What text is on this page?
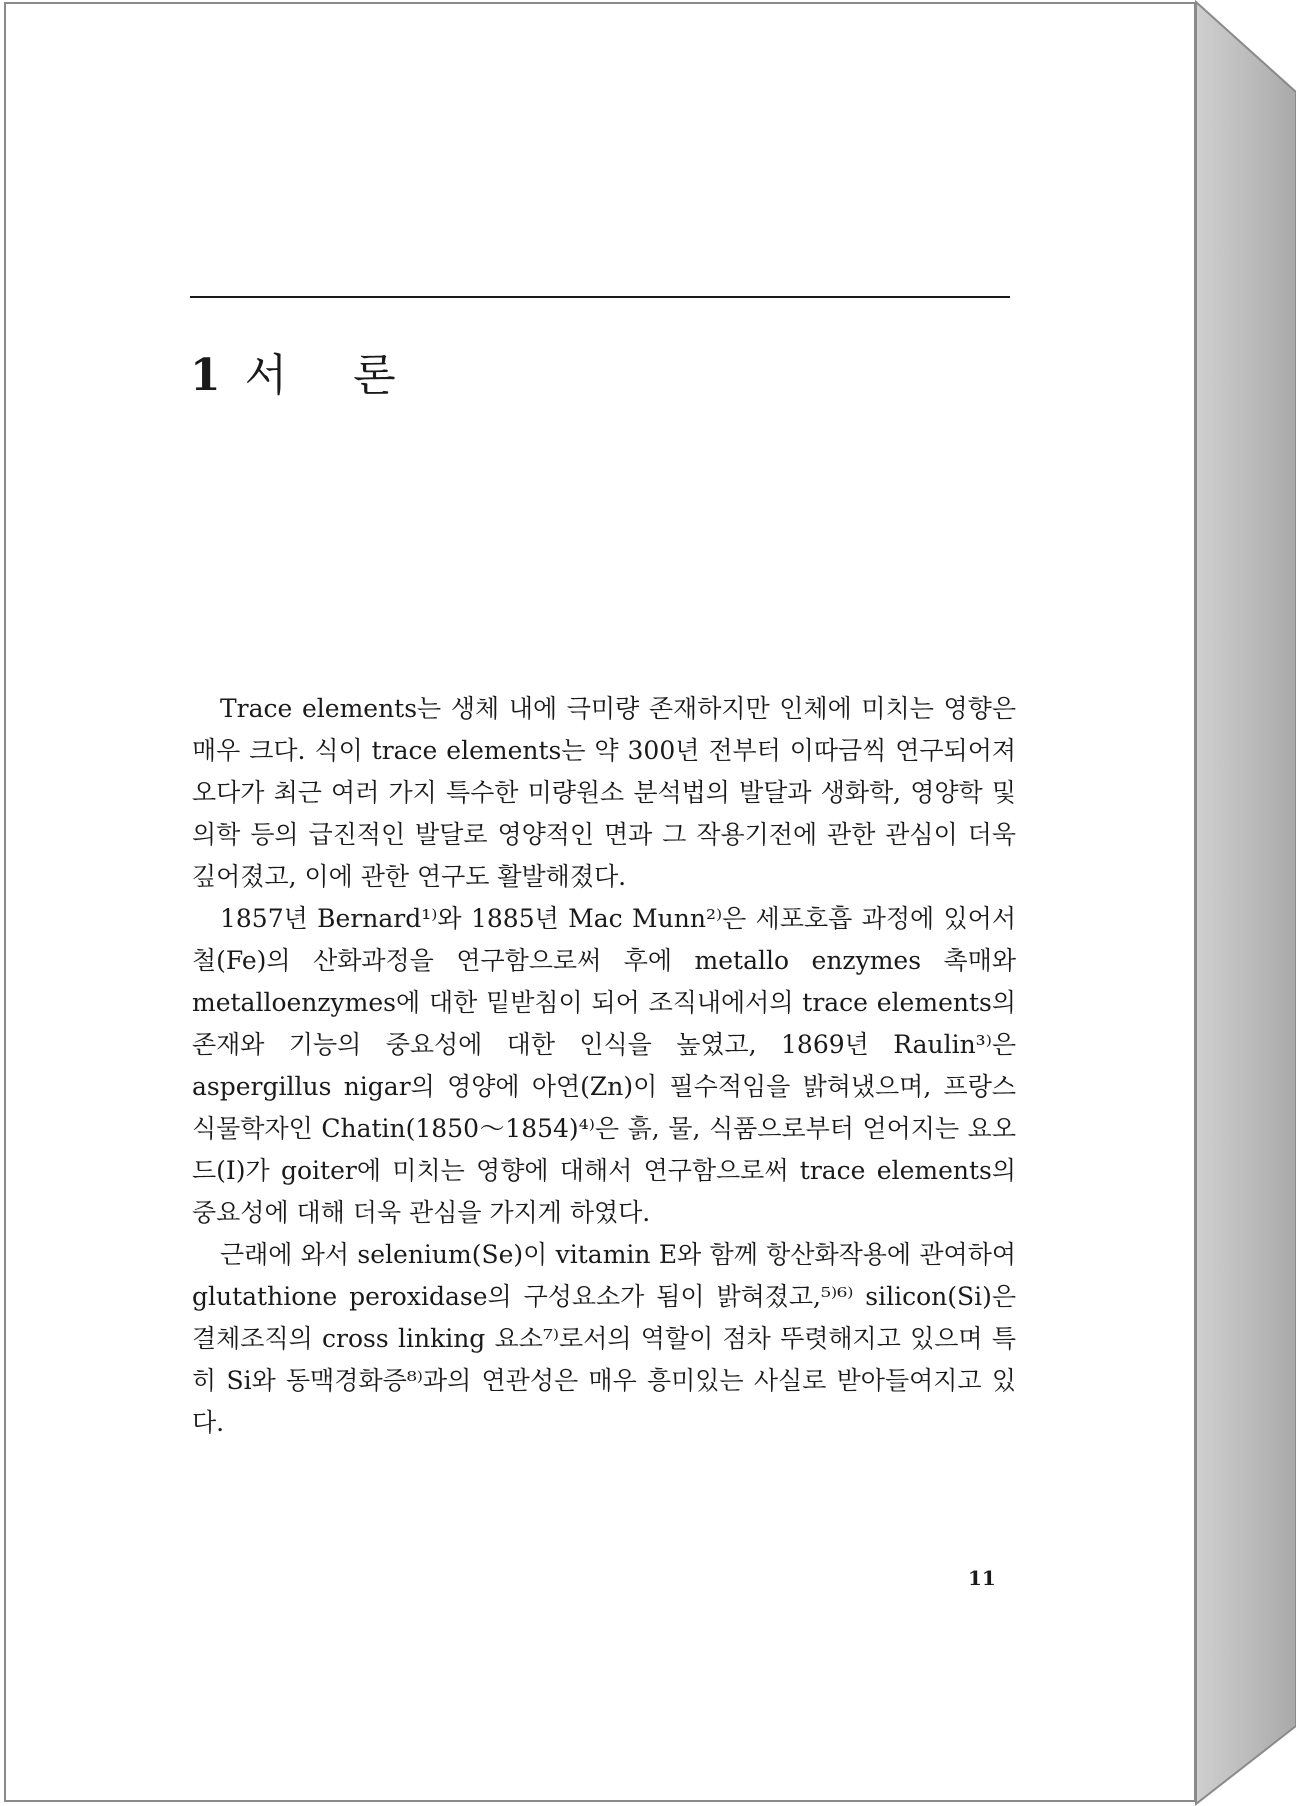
1 서 론

Trace elements는 생체 내에 극미량 존재하지만 인체에 미치는 영향은 매우 크다. 식이 trace elements는 약 300년 전부터 이따금씩 연구되어져 오다가 최근 여러 가지 특수한 미량원소 분석법의 발달과 생화학, 영양학 및 의학 등의 급진적인 발달로 영양적인 면과 그 작용기전에 관한 관심이 더욱 깊어졌고, 이에 관한 연구도 활발해졌다.

1857년 Bernard¹⁾와 1885년 Mac Munn²⁾은 세포호흡 과정에 있어서 철(Fe)의 산화과정을 연구함으로써 후에 metallo enzymes 촉매와 metalloenzymes에 대한 밑받침이 되어 조직내에서의 trace elements의 존재와 기능의 중요성에 대한 인식을 높였고, 1869년 Raulin³⁾은 aspergillus nigar의 영양에 아연(Zn)이 필수적임을 밝혀냈으며, 프랑스 식물학자인 Chatin(1850～1854)⁴⁾은 흙, 물, 식품으로부터 얻어지는 요오드(I)가 goiter에 미치는 영향에 대해서 연구함으로써 trace elements의 중요성에 대해 더욱 관심을 가지게 하였다.

근래에 와서 selenium(Se)이 vitamin E와 함께 항산화작용에 관여하여 glutathione peroxidase의 구성요소가 됨이 밝혀졌고,⁵⁾⁶⁾ silicon(Si)은 결체조직의 cross linking 요소⁷⁾로서의 역할이 점차 뚜렷해지고 있으며 특히 Si와 동맥경화증⁸⁾과의 연관성은 매우 흥미있는 사실로 받아들여지고 있다.

11
